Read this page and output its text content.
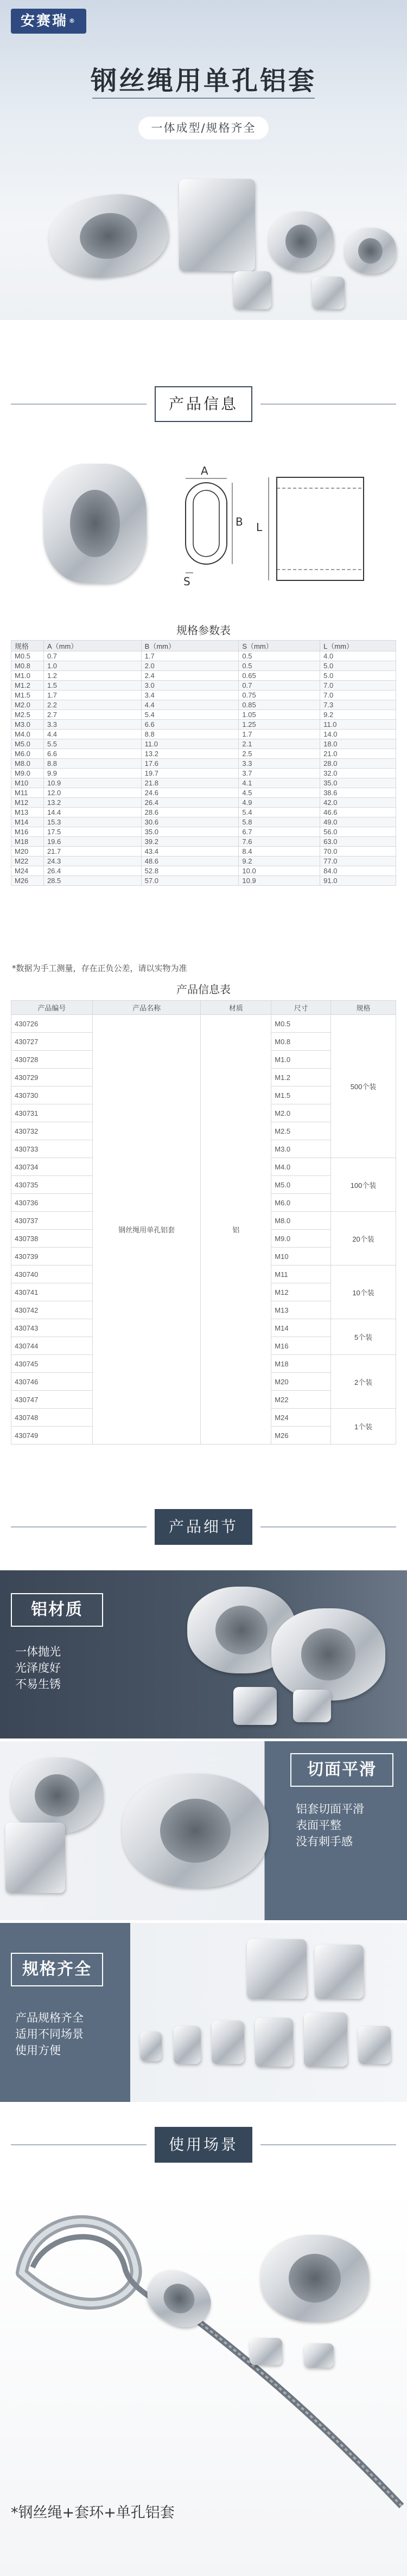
安赛瑞 ®
钢丝绳用单孔铝套
一体成型/规格齐全
产品信息
A
B
S
L
规格参数表
规格	A（mm）	B（mm）	S（mm）	L（mm）
M0.5	0.7	1.7	0.5	4.0
M0.8	1.0	2.0	0.5	5.0
M1.0	1.2	2.4	0.65	5.0
M1.2	1.5	3.0	0.7	7.0
M1.5	1.7	3.4	0.75	7.0
M2.0	2.2	4.4	0.85	7.3
M2.5	2.7	5.4	1.05	9.2
M3.0	3.3	6.6	1.25	11.0
M4.0	4.4	8.8	1.7	14.0
M5.0	5.5	11.0	2.1	18.0
M6.0	6.6	13.2	2.5	21.0
M8.0	8.8	17.6	3.3	28.0
M9.0	9.9	19.7	3.7	32.0
M10	10.9	21.8	4.1	35.0
M11	12.0	24.6	4.5	38.6
M12	13.2	26.4	4.9	42.0
M13	14.4	28.6	5.4	46.6
M14	15.3	30.6	5.8	49.0
M16	17.5	35.0	6.7	56.0
M18	19.6	39.2	7.6	63.0
M20	21.7	43.4	8.4	70.0
M22	24.3	48.6	9.2	77.0
M24	26.4	52.8	10.0	84.0
M26	28.5	57.0	10.9	91.0
*数据为手工测量，存在正负公差，请以实物为准
产品信息表
产品编号	产品名称	材质	尺寸	规格
430726	钢丝绳用单孔铝套	铝	M0.5	500个装
430727			M0.8	
430728			M1.0	
430729			M1.2	
430730			M1.5	
430731			M2.0	
430732			M2.5	
430733			M3.0	
430734			M4.0	100个装
430735			M5.0	
430736			M6.0	
430737			M8.0	20个装
430738			M9.0	
430739			M10	
430740			M11	10个装
430741			M12	
430742			M13	
430743			M14	5个装
430744			M16	
430745			M18	2个装
430746			M20	
430747			M22	
430748			M24	1个装
430749			M26	
产品细节
铝材质
一体抛光
光泽度好
不易生锈
切面平滑
铝套切面平滑
表面平整
没有刺手感
规格齐全
产品规格齐全
适用不同场景
使用方便
使用场景
*钢丝绳+套环+单孔铝套
